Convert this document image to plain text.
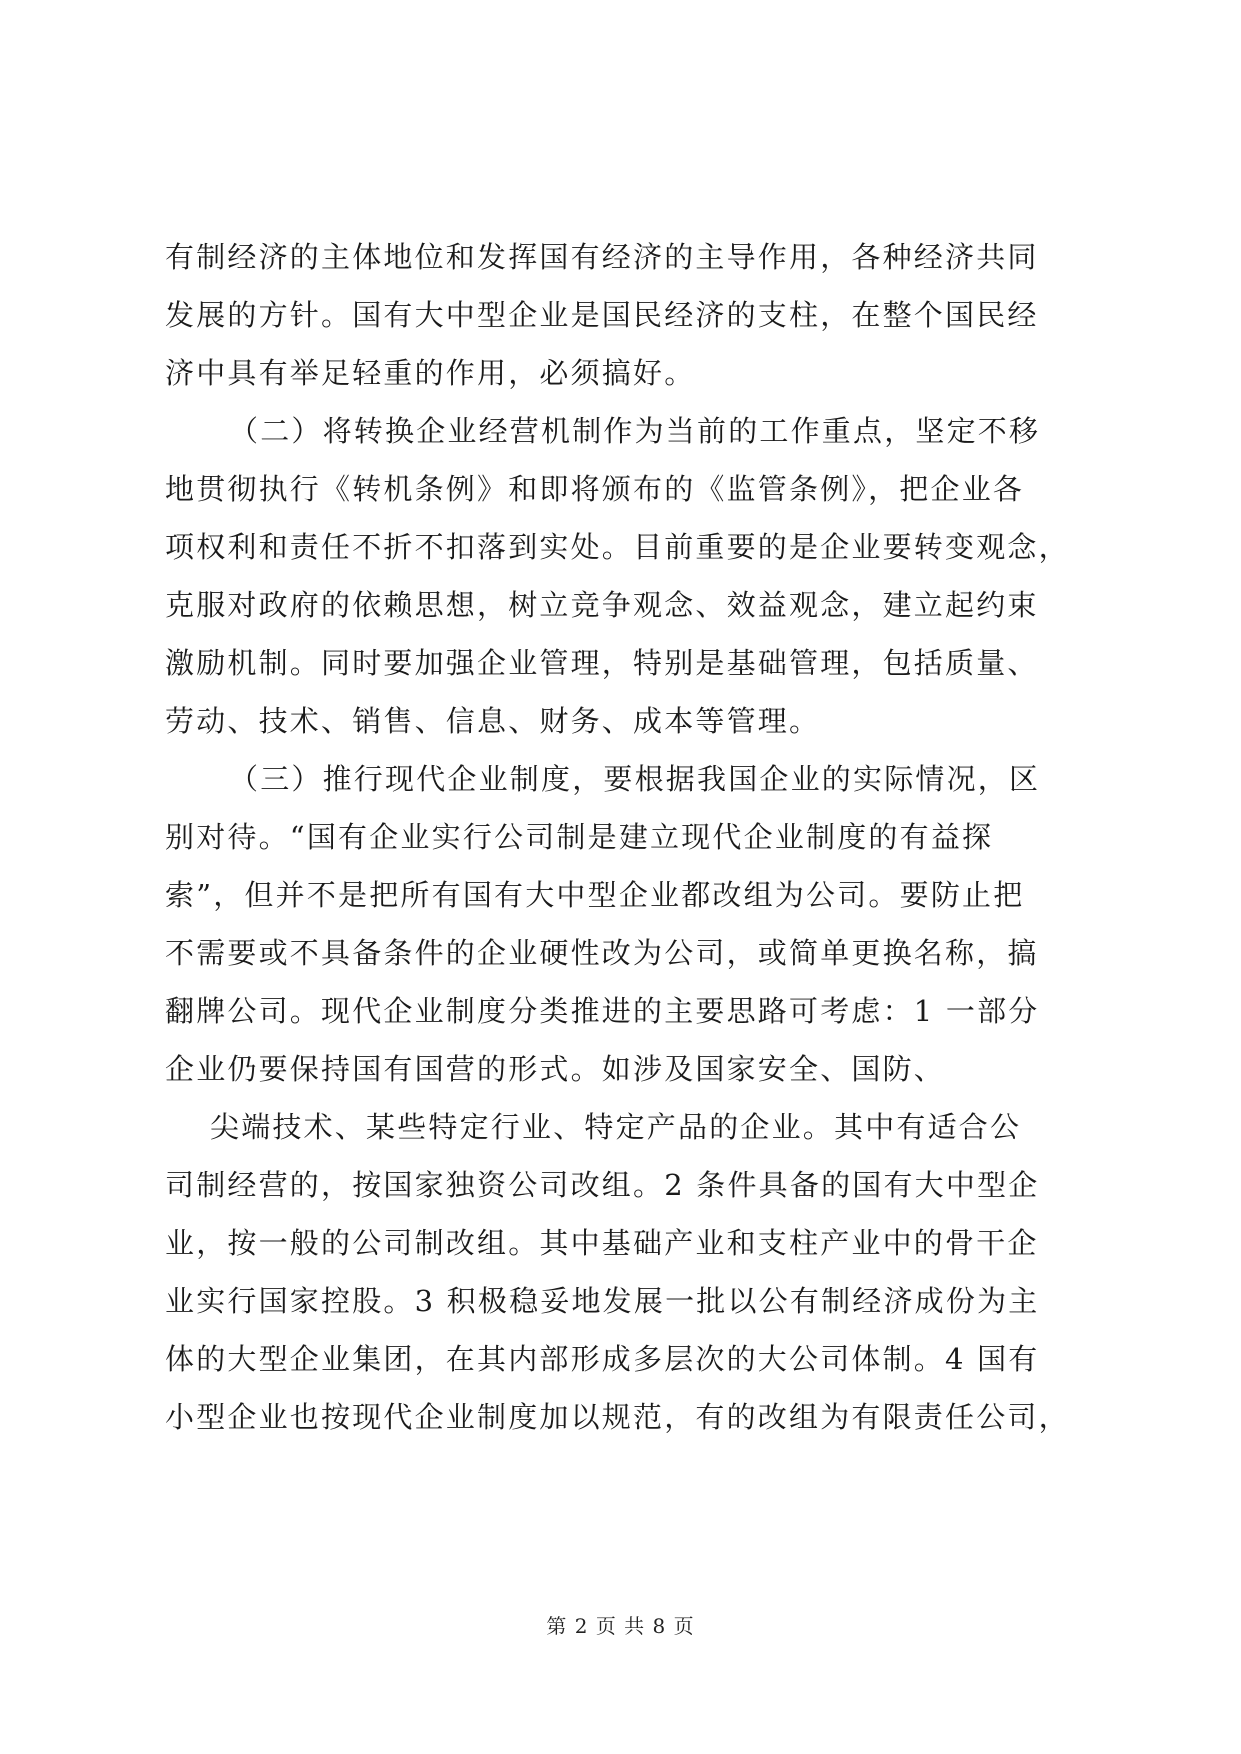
有制经济的主体地位和发挥国有经济的主导作用，各种经济共同

发展的方针。国有大中型企业是国民经济的支柱，在整个国民经

济中具有举足轻重的作用，必须搞好。

（二）将转换企业经营机制作为当前的工作重点，坚定不移

地贯彻执行《转机条例》和即将颁布的《监管条例》，把企业各

项权利和责任不折不扣落到实处。目前重要的是企业要转变观念，

克服对政府的依赖思想，树立竞争观念、效益观念，建立起约束

激励机制。同时要加强企业管理，特别是基础管理，包括质量、

劳动、技术、销售、信息、财务、成本等管理。

（三）推行现代企业制度，要根据我国企业的实际情况，区

别对待。“国有企业实行公司制是建立现代企业制度的有益探

索”，但并不是把所有国有大中型企业都改组为公司。要防止把

不需要或不具备条件的企业硬性改为公司，或简单更换名称，搞

翻牌公司。现代企业制度分类推进的主要思路可考虑：1 一部分

企业仍要保持国有国营的形式。如涉及国家安全、国防、

尖端技术、某些特定行业、特定产品的企业。其中有适合公

司制经营的，按国家独资公司改组。2 条件具备的国有大中型企

业，按一般的公司制改组。其中基础产业和支柱产业中的骨干企

业实行国家控股。3 积极稳妥地发展一批以公有制经济成份为主

体的大型企业集团，在其内部形成多层次的大公司体制。4 国有

小型企业也按现代企业制度加以规范，有的改组为有限责任公司，

第 2 页 共 8 页
